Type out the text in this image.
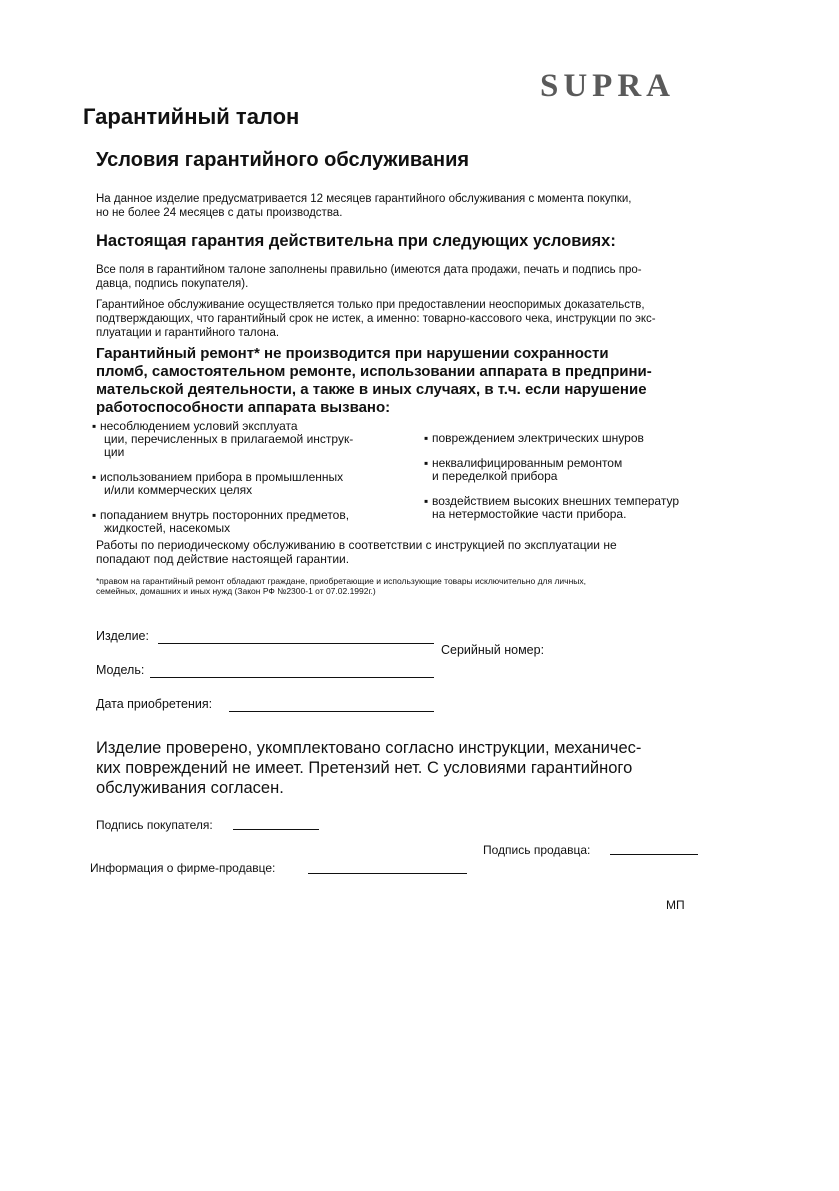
SUPRA
Гарантийный талон
Условия гарантийного обслуживания
На данное изделие предусматривается 12 месяцев гарантийного обслуживания с момента покупки,
но не более 24 месяцев с даты производства.
Настоящая гарантия действительна при следующих условиях:
Все поля в гарантийном талоне заполнены правильно (имеются дата продажи, печать и подпись про-
давца, подпись покупателя).
Гарантийное обслуживание осуществляется только при предоставлении неоспоримых доказательств,
подтверждающих, что гарантийный срок не истек, а именно: товарно-кассового чека, инструкции по экс-
плуатации и гарантийного талона.
Гарантийный ремонт* не производится при нарушении сохранности
пломб, самостоятельном ремонте, использовании аппарата в предприни-
мательской деятельности, а также в иных случаях, в т.ч. если нарушение
работоспособности аппарата вызвано:
▪ несоблюдением условий эксплуата
ции, перечисленных в прилагаемой инструк-
ции
▪ использованием прибора в промышленных
и/или коммерческих целях
▪ попаданием внутрь посторонних предметов,
жидкостей, насекомых
▪ повреждением электрических шнуров
▪ неквалифицированным ремонтом
и переделкой прибора
▪ воздействием высоких внешних температур
на нетермостойкие части прибора.
Работы по периодическому обслуживанию в соответствии с инструкцией по эксплуатации не
попадают под действие настоящей гарантии.
*правом на гарантийный ремонт обладают граждане, приобретающие и использующие товары исключительно для личных,
семейных, домашних и иных нужд (Закон РФ №2300-1 от 07.02.1992г.)
Изделие:
Серийный номер:
Модель:
Дата приобретения:
Изделие проверено, укомплектовано согласно инструкции, механичес-
ких повреждений не имеет. Претензий нет. С условиями гарантийного
обслуживания согласен.
Подпись покупателя:
Подпись продавца:
Информация о фирме-продавце:
МП
